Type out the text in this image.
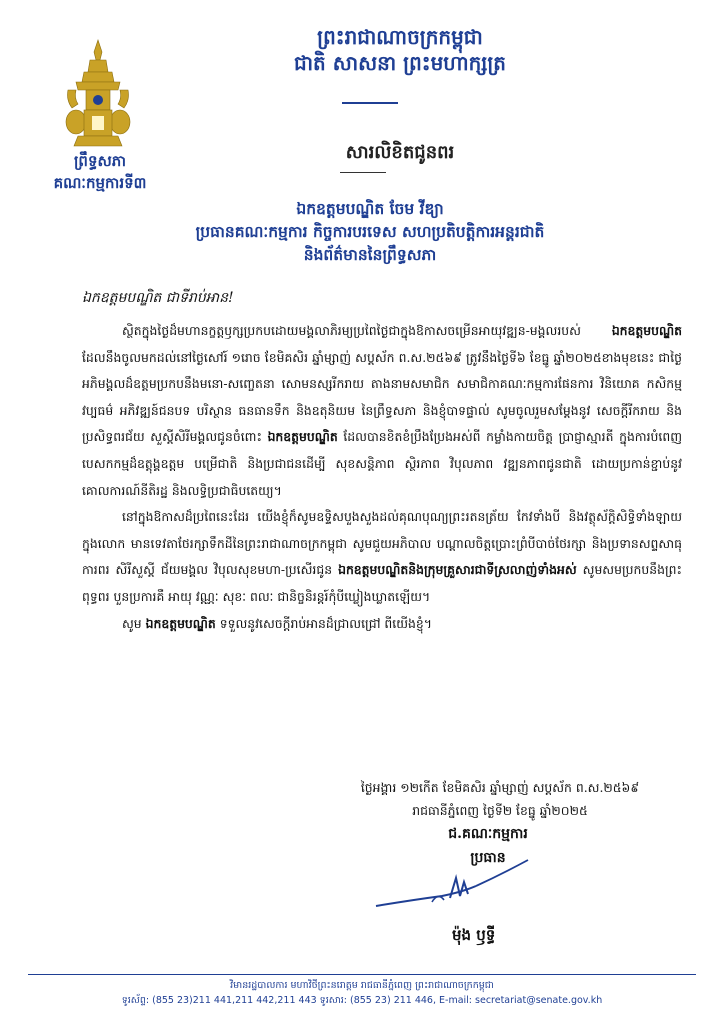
ព្រឹទ្ធសភា
គណៈកម្មការទី៣
ព្រះរាជាណាចក្រកម្ពុជា
ជាតិ សាសនា ព្រះមហាក្សត្រ
សារលិខិតជូនពរ
ឯកឧត្តមបណ្ឌិត ចែម វីឌ្យា
ប្រធានគណៈកម្មការ កិច្ចការបរទេស សហប្រតិបត្តិការអន្តរជាតិ
និងព័ត៌មាននៃព្រឹទ្ធសភា
ឯកឧត្តមបណ្ឌិត ជាទីរាប់អាន!

ស្ថិតក្នុងថ្ងៃដ៏មហានក្ខត្តឫក្សប្រកបដោយមង្គលាភិរម្យប្រពៃថ្ងៃជាក្នុងឱកាសចម្រើនអាយុវឌ្ឍន-មង្គលរបស់ ឯកឧត្តមបណ្ឌិត ដែលនឹងចូលមកដល់នៅថ្ងៃសៅរ៍ ១រោច ខែមិគសិរ ឆ្នាំម្សាញ់ សប្តស័ក ព.ស.២៥៦៩ ត្រូវនឹងថ្ងៃទី៦ ខែធ្នូ ឆ្នាំ២០២៥ខាងមុខនេះ ជាថ្ងៃអភិមង្គលដ៏ឧត្តមប្រកបនឹងមនោ-សញ្ចេតនា សោមនស្សរីករាយ តាងនាមសមាជិក សមាជិកាគណៈកម្មការផែនការ វិនិយោគ កសិកម្ម វប្បធម៌ អភិវឌ្ឍន៍ជនបទ បរិស្ថាន ធនធានទឹក និងឧតុនិយម នៃព្រឹទ្ធសភា និងខ្ញុំបាទផ្ទាល់ សូមចូលរួមសម្តែងនូវ សេចក្តីរីករាយ និងប្រសិទ្ធពរជ័យ សួស្តីសិរីមង្គលជូនចំពោះ ឯកឧត្តមបណ្ឌិត ដែលបានខិតខំប្រឹងប្រែងអស់ពី កម្លាំងកាយចិត្ត ប្រាជ្ញាស្មារតី ក្នុងការបំពេញបេសកកម្មដ៏ឧត្តុង្គឧត្តម បម្រើជាតិ និងប្រជាជនដើម្បី សុខសន្តិភាព ស្ថិរភាព វិបុលភាព វឌ្ឍនភាពជូនជាតិ ដោយប្រកាន់ខ្ជាប់នូវគោលការណ៍នីតិរដ្ឋ និងលទ្ធិប្រជាធិបតេយ្យ។

នៅក្នុងឱកាសដ៏ប្រពៃនេះដែរ យើងខ្ញុំក៏សូមឧទ្ទិសបួងសួងដល់គុណបុណ្យព្រះរតនត្រ័យ កែវទាំងបី និងវត្ថុស័ក្តិសិទ្ធិទាំងឡាយក្នុងលោក មានទេវតាថែរក្សាទឹកដីនៃព្រះរាជាណាចក្រកម្ពុជា សូមជួយអភិបាល បណ្តាលចិត្តប្រោះព្រំបីបាច់ថែរក្សា និងប្រទានសព្ទសាធុការពរ សិរីសួស្តី ជ័យមង្គល វិបុលសុខមហា-ប្រសើរជូន ឯកឧត្តមបណ្ឌិតនិងក្រុមគ្រួសារជាទីស្រលាញ់ទាំងអស់ សូមសមប្រកបនឹងព្រះពុទ្ធពរ បួនប្រការគឺ អាយុ វណ្ណៈ សុខៈ ពលៈ ជានិច្ចនិរន្តរ៍កុំបីឃ្លៀងឃ្លាតឡើយ។

សូម ឯកឧត្តមបណ្ឌិត ទទួលនូវសេចក្តីរាប់អានដ៏ជ្រាលជ្រៅ ពីយើងខ្ញុំ។

ថ្ងៃអង្គារ ១២កើត ខែមិគសិរ ឆ្នាំម្សាញ់ សប្តស័ក ព.ស.២៥៦៩
រាជធានីភ្នំពេញ ថ្ងៃទី២ ខែធ្នូ ឆ្នាំ២០២៥
ជ.គណៈកម្មការ
ប្រធាន
ម៉ុង ឫទ្ធី
វិមានរដ្ឋបាលការ មហាវិថីព្រះនរោត្តម រាជធានីភ្នំពេញ ព្រះរាជាណាចក្រកម្ពុជា
ទូរស័ព្ទ: (855 23)211 441,211 442,211 443 ទូរសារ: (855 23) 211 446, E-mail: secretariat@senate.gov.kh
